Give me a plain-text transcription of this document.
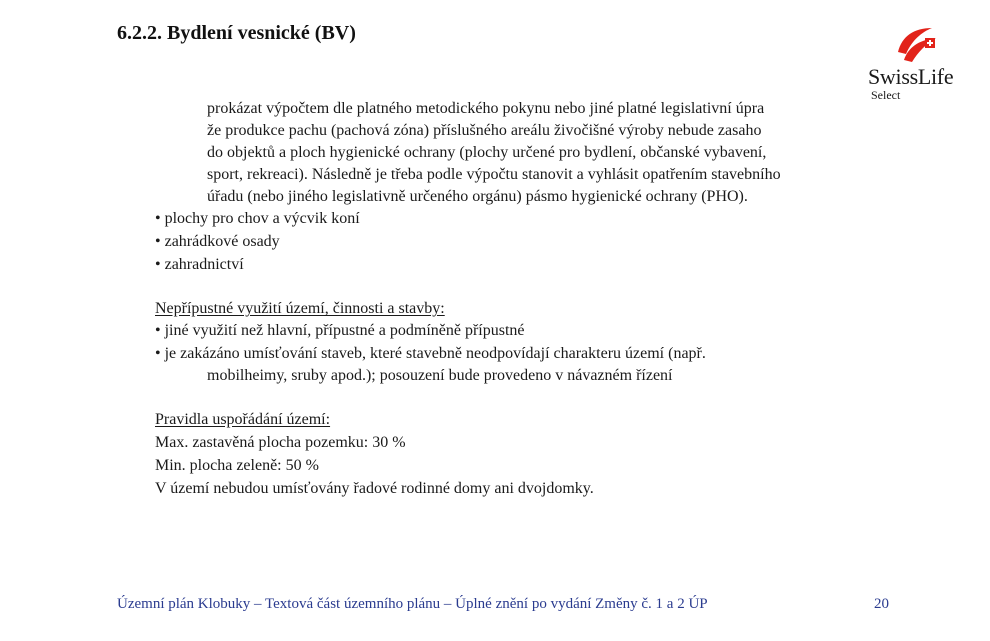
6.2.2. Bydlení vesnické (BV)
SwissLife
Select
prokázat výpočtem dle platného metodického pokynu nebo jiné platné legislativní úpra
že produkce pachu (pachová zóna) příslušného areálu živočišné výroby nebude zasaho
do objektů a ploch hygienické ochrany (plochy určené pro bydlení, občanské vybavení,
sport, rekreaci). Následně je třeba podle výpočtu stanovit a vyhlásit opatřením stavebního
úřadu (nebo jiného legislativně určeného orgánu) pásmo hygienické ochrany (PHO).
• plochy pro chov a výcvik koní
• zahrádkové osady
• zahradnictví
Nepřípustné využití území, činnosti a stavby:
• jiné využití než hlavní, přípustné a podmíněně přípustné
• je zakázáno umísťování staveb, které stavebně neodpovídají charakteru území (např.
mobilheimy, sruby apod.); posouzení bude provedeno v návazném řízení
Pravidla uspořádání území:
Max. zastavěná plocha pozemku: 30 %
Min. plocha zeleně: 50 %
V území nebudou umísťovány řadové rodinné domy ani dvojdomky.
Územní plán Klobuky – Textová část územního plánu – Úplné znění po vydání Změny č. 1 a 2 ÚP	20
